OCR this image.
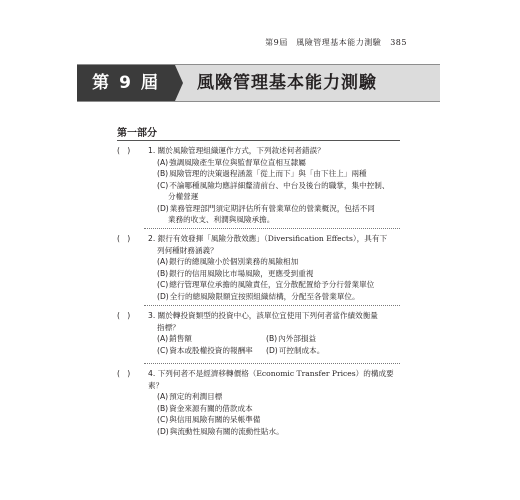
第9屆　風險管理基本能力測驗 385
第 9 屆	風險管理基本能力測驗
第一部分
(   )	1. 關於風險管理組織運作方式，下列敘述何者錯誤？
(A)強調風險產生單位與監督單位直相互隸屬
(B)風險管理的決策過程涵蓋「從上而下」與「由下往上」兩種
(C)不論哪種風險均應詳細釐清前台、中台及後台的職掌，集中控制、
分權營運
(D)業務管理部門須定期評估所有營業單位的營業概況，包括不同
業務的收支、利潤與風險承擔。
(   )	2. 銀行有效發揮「風險分散效應」（Diversification Effects），具有下
列何種財務涵義？
(A)銀行的總風險小於個別業務的風險相加
(B)銀行的信用風險比市場風險，更應受到重視
(C)總行管理單位承擔的風險責任，宜分散配置給予分行營業單位
(D)全行的總風險限額宜按照組織結構，分配至各營業單位。
(   )	3. 關於轉投資類型的投資中心，該單位宜使用下列何者當作績效衡量
指標？
(A)銷售額	(B)內外部損益
(C)資本或股權投資的報酬率	(D)可控制成本。
(   )	4. 下列何者不是經濟移轉價格（Economic Transfer Prices）的構成要素？
(A)預定的利潤目標
(B)資金來源有關的借款成本
(C)與信用風險有關的呆帳準備
(D)與流動性風險有關的流動性貼水。
